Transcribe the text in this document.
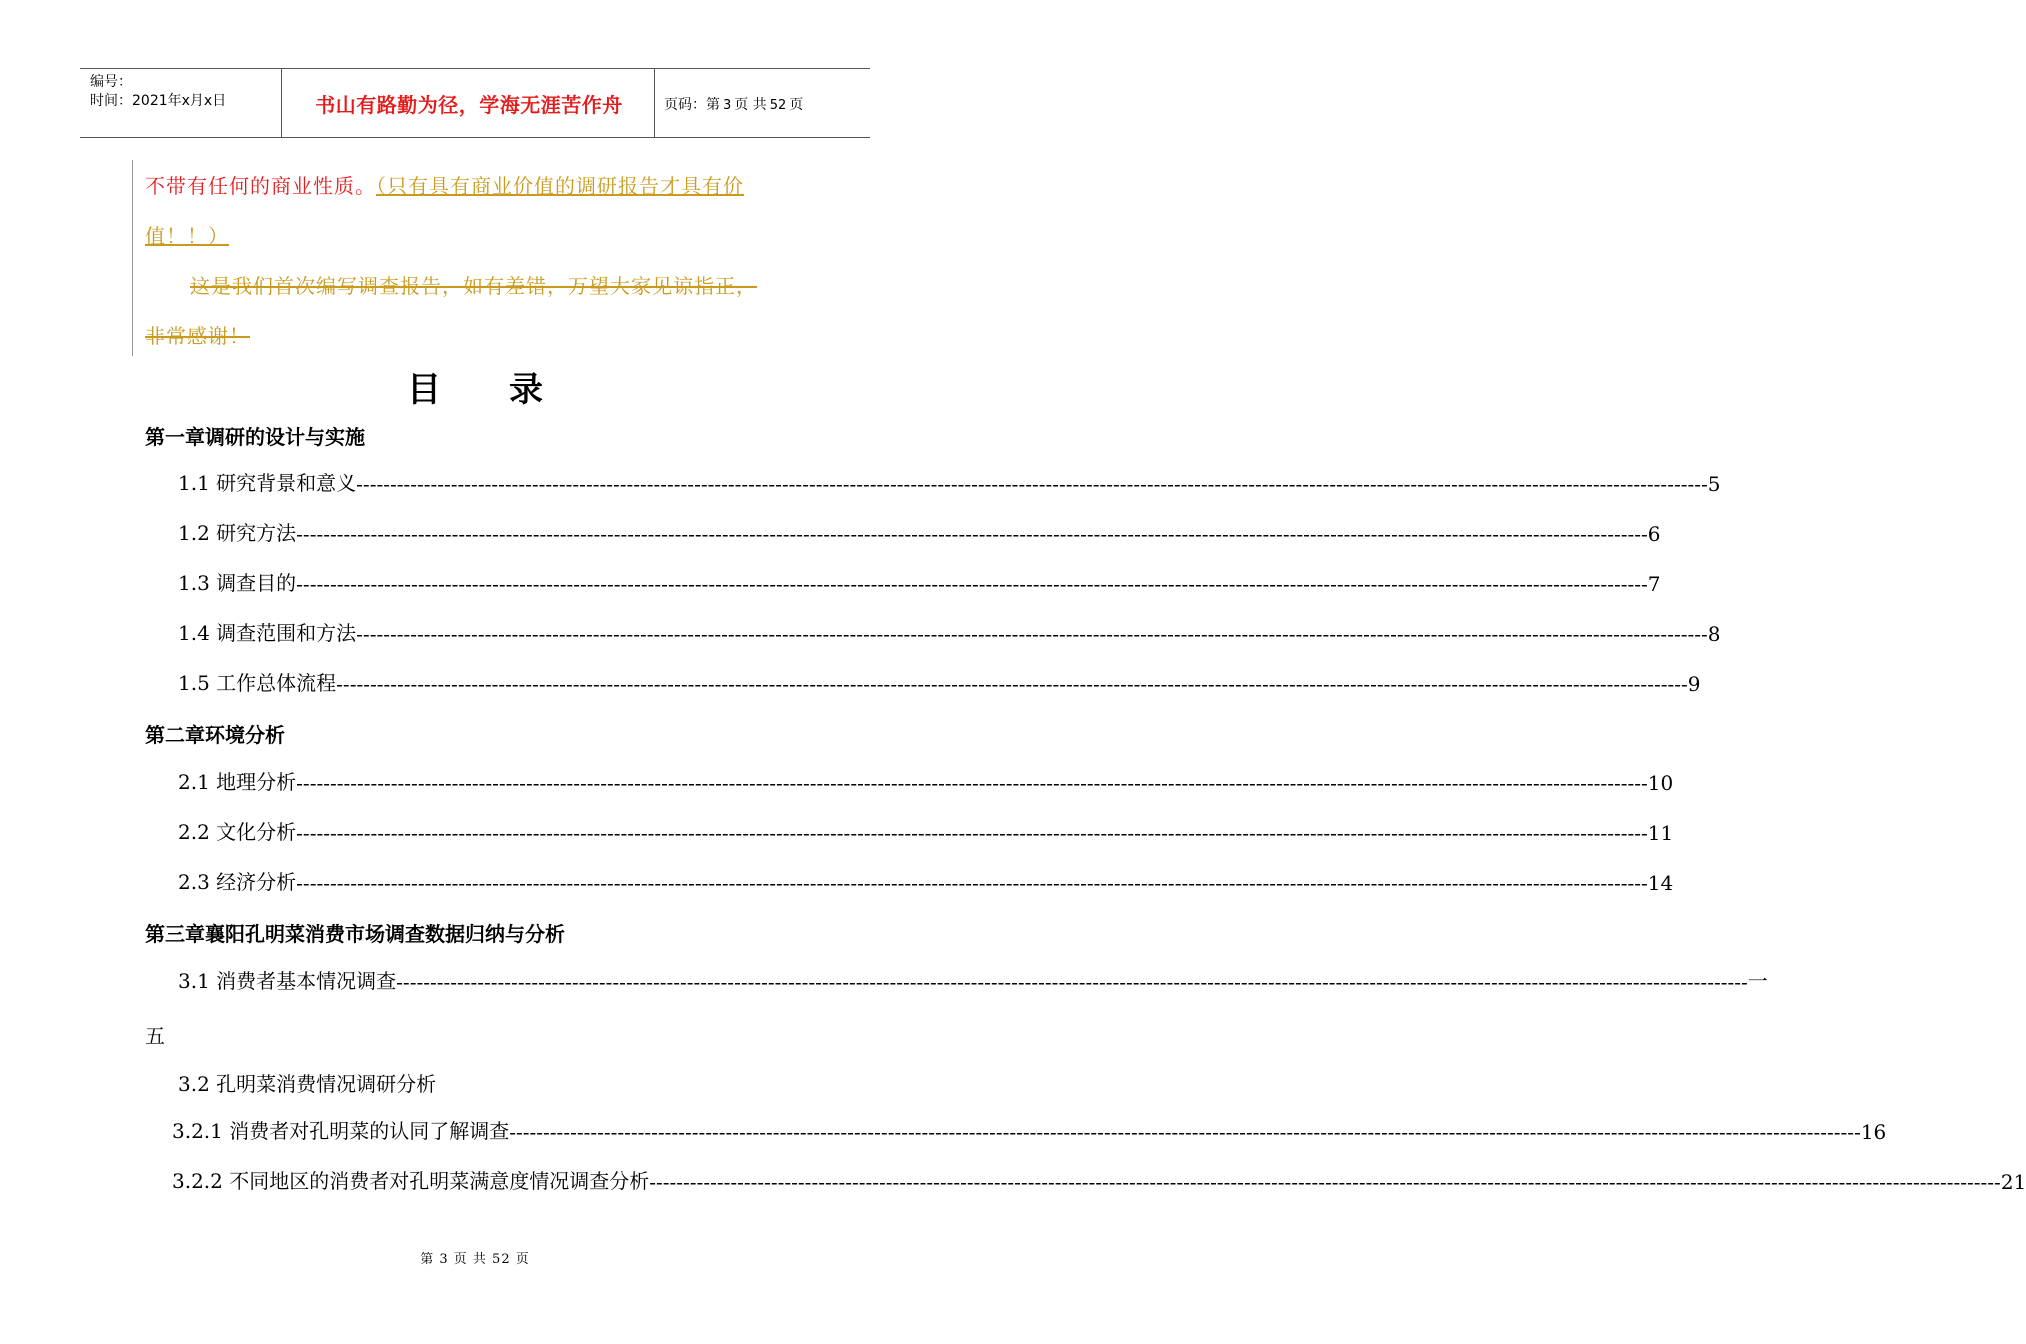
编号：
时间：2021年x月x日	书山有路勤为径，学海无涯苦作舟	页码：第 3 页 共 52 页
不带有任何的商业性质。（只有具有商业价值的调研报告才具有价
值！！）
这是我们首次编写调查报告，如有差错，万望大家见谅指正，
非常感谢！
目　　录
第一章调研的设计与实施
1.1 研究背景和意义 -------------------------------------------------------------------------------------------------------------------------------------------------------------------------------------------------------- 5
1.2 研究方法 -------------------------------------------------------------------------------------------------------------------------------------------------------------------------------------------------------- 6
1.3 调查目的 -------------------------------------------------------------------------------------------------------------------------------------------------------------------------------------------------------- 7
1.4 调查范围和方法 -------------------------------------------------------------------------------------------------------------------------------------------------------------------------------------------------------- 8
1.5 工作总体流程 -------------------------------------------------------------------------------------------------------------------------------------------------------------------------------------------------------- 9
第二章环境分析
2.1 地理分析 -------------------------------------------------------------------------------------------------------------------------------------------------------------------------------------------------------- 10
2.2 文化分析 -------------------------------------------------------------------------------------------------------------------------------------------------------------------------------------------------------- 11
2.3 经济分析 -------------------------------------------------------------------------------------------------------------------------------------------------------------------------------------------------------- 14
第三章襄阳孔明菜消费市场调查数据归纳与分析
3.1 消费者基本情况调查 -------------------------------------------------------------------------------------------------------------------------------------------------------------------------------------------------------- 一
五
3.2 孔明菜消费情况调研分析
3.2.1 消费者对孔明菜的认同了解调查 -------------------------------------------------------------------------------------------------------------------------------------------------------------------------------------------------------- 16
3.2.2 不同地区的消费者对孔明菜满意度情况调查分析 -------------------------------------------------------------------------------------------------------------------------------------------------------------------------------------------------------- 21
第 3 页 共 52 页
